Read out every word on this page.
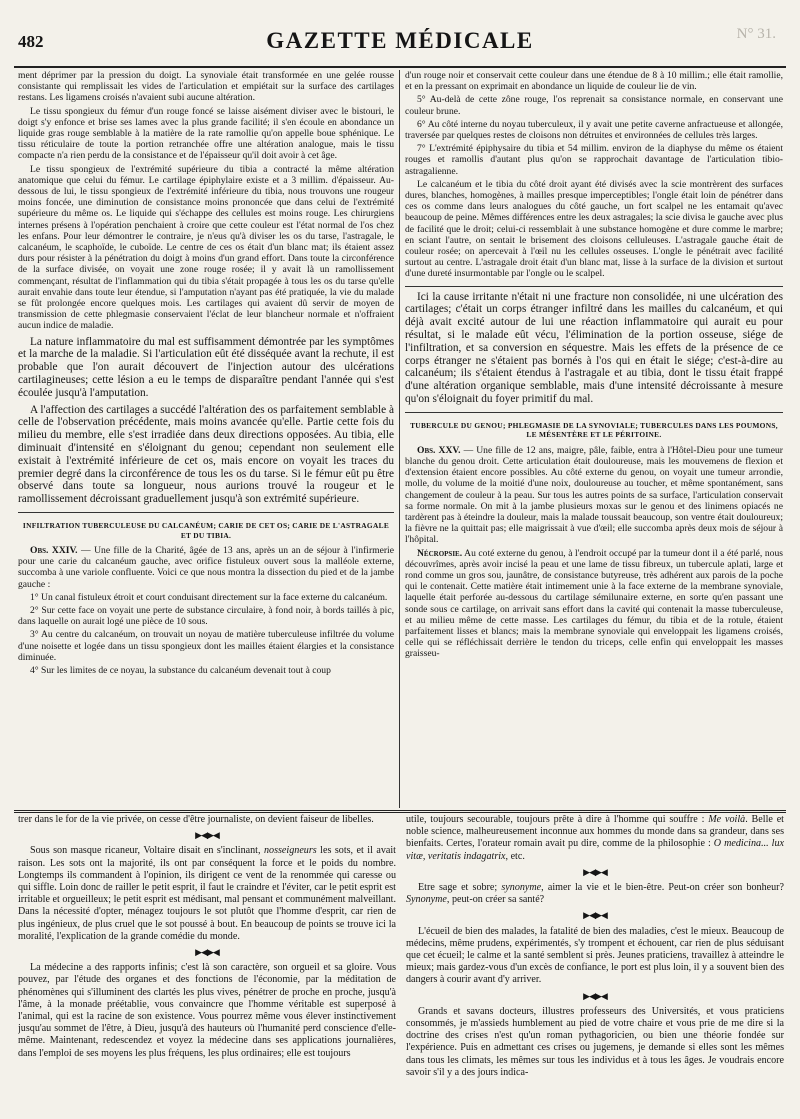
482	GAZETTE MÉDICALE	N° 31.

ment déprimer par la pression du doigt. La synoviale était transformée en une gelée rousse consistante qui remplissait les vides de l'articulation et empiétait sur la surface des cartilages restans. Les ligamens croisés n'avaient subi aucune altération.

Le tissu spongieux du fémur d'un rouge foncé se laisse aisément diviser avec le bistouri, le doigt s'y enfonce et brise ses lames avec la plus grande facilité; il s'en écoule en abondance un liquide gras rouge semblable à la matière de la rate ramollie qu'on appelle boue sphénique. Le tissu réticulaire de toute la portion retranchée offre une altération analogue, mais le tissu compacte n'a rien perdu de la consistance et de l'épaisseur qu'il doit avoir à cet âge.

Le tissu spongieux de l'extrémité supérieure du tibia a contracté la même altération anatomique que celui du fémur. Le cartilage épiphylaire existe et a 3 millim. d'épaisseur. Au-dessous de lui, le tissu spongieux de l'extrémité inférieure du tibia, nous trouvons une rougeur moins foncée, une diminution de consistance moins prononcée que dans celui de l'extrémité supérieure du même os. Le liquide qui s'échappe des cellules est moins rouge. Les chirurgiens internes présens à l'opération penchaient à croire que cette couleur est l'état normal de l'os chez les enfans. Pour leur démontrer le contraire, je n'eus qu'à diviser les os du tarse, l'astragale, le calcanéum, le scaphoïde, le cuboïde. Le centre de ces os était d'un blanc mat; ils étaient assez durs pour résister à la pénétration du doigt à moins d'un grand effort. Dans toute la circonférence de la surface divisée, on voyait une zone rouge rosée; il y avait là un ramollissement commençant, résultat de l'inflammation qui du tibia s'était propagée à tous les os du tarse qu'elle aurait envahie dans toute leur étendue, si l'amputation n'ayant pas été pratiquée, la vie du malade se fût prolongée encore quelques mois. Les cartilages qui avaient dû servir de moyen de transmission de cette phlegmasie conservaient l'éclat de leur blancheur normale et n'offraient aucun indice de maladie.

La nature inflammatoire du mal est suffisamment démontrée par les symptômes et la marche de la maladie. Si l'articulation eût été disséquée avant la rechute, il est probable que l'on aurait découvert de l'injection autour des ulcérations cartilagineuses; cette lésion a eu le temps de disparaître pendant l'année qui s'est écoulée jusqu'à l'amputation.

A l'affection des cartilages a succédé l'altération des os parfaitement semblable à celle de l'observation précédente, mais moins avancée qu'elle. Partie cette fois du milieu du membre, elle s'est irradiée dans deux directions opposées. Au tibia, elle diminuait d'intensité en s'éloignant du genou; cependant non seulement elle existait à l'extrémité inférieure de cet os, mais encore on voyait les traces du premier degré dans la circonférence de tous les os du tarse. Si le fémur eût pu être observé dans toute sa longueur, nous aurions trouvé la rougeur et le ramollissement décroissant graduellement jusqu'à son extrémité supérieure.

INFILTRATION TUBERCULEUSE DU CALCANÉUM; CARIE DE CET OS; CARIE DE L'ASTRAGALE ET DU TIBIA.

Obs. XXIV. — Une fille de la Charité, âgée de 13 ans, après un an de séjour à l'infirmerie pour une carie du calcanéum gauche, avec orifice fistuleux ouvert sous la malléole externe, succomba à une variole confluente. Voici ce que nous montra la dissection du pied et de la jambe gauche :

1° Un canal fistuleux étroit et court conduisant directement sur la face externe du calcanéum.

2° Sur cette face on voyait une perte de substance circulaire, à fond noir, à bords taillés à pic, dans laquelle on aurait logé une pièce de 10 sous.

3° Au centre du calcanéum, on trouvait un noyau de matière tuberculeuse infiltrée du volume d'une noisette et logée dans un tissu spongieux dont les mailles étaient élargies et la consistance diminuée.

4° Sur les limites de ce noyau, la substance du calcanéum devenait tout à coup

d'un rouge noir et conservait cette couleur dans une étendue de 8 à 10 millim.; elle était ramollie, et en la pressant on exprimait en abondance un liquide de couleur lie de vin.

5° Au-delà de cette zône rouge, l'os reprenait sa consistance normale, en conservant une couleur brune.

6° Au côté interne du noyau tuberculeux, il y avait une petite caverne anfractueuse et allongée, traversée par quelques restes de cloisons non détruites et environnées de cellules très larges.

7° L'extrémité épiphysaire du tibia et 54 millim. environ de la diaphyse du même os étaient rouges et ramollis d'autant plus qu'on se rapprochait davantage de l'articulation tibio-astragalienne.

Le calcanéum et le tibia du côté droit ayant été divisés avec la scie montrèrent des surfaces dures, blanches, homogènes, à mailles presque imperceptibles; l'ongle était loin de pénétrer dans ces os comme dans leurs analogues du côté gauche, un fort scalpel ne les entamait qu'avec beaucoup de peine. Mêmes différences entre les deux astragales; la scie divisa le gauche avec plus de facilité que le droit; celui-ci ressemblait à une substance homogène et dure comme le marbre; en sciant l'autre, on sentait le brisement des cloisons celluleuses. L'astragale gauche était de couleur rosée; on apercevait à l'œil nu les cellules osseuses. L'ongle le pénétrait avec facilité surtout au centre. L'astragale droit était d'un blanc mat, lisse à la surface de la division et surtout d'une dureté insurmontable par l'ongle ou le scalpel.

Ici la cause irritante n'était ni une fracture non consolidée, ni une ulcération des cartilages; c'était un corps étranger infiltré dans les mailles du calcanéum, et qui déjà avait excité autour de lui une réaction inflammatoire qui aurait eu pour résultat, si le malade eût vécu, l'élimination de la portion osseuse, siége de l'infiltration, et sa conversion en séquestre. Mais les effets de la présence de ce corps étranger ne s'étaient pas bornés à l'os qui en était le siége; c'est-à-dire au calcanéum; ils s'étaient étendus à l'astragale et au tibia, dont le tissu était frappé d'une altération organique semblable, mais d'une intensité décroissante à mesure qu'on s'éloignait du foyer primitif du mal.

TUBERCULE DU GENOU; PHLEGMASIE DE LA SYNOVIALE; TUBERCULES DANS LES POUMONS, LE MÉSENTÈRE ET LE PÉRITOINE.

Obs. XXV. — Une fille de 12 ans, maigre, pâle, faible, entra à l'Hôtel-Dieu pour une tumeur blanche du genou droit. Cette articulation était douloureuse, mais les mouvemens de flexion et d'extension étaient encore possibles. Au côté externe du genou, on voyait une tumeur arrondie, molle, du volume de la moitié d'une noix, douloureuse au toucher, et même spontanément, sans changement de couleur à la peau. Sur tous les autres points de sa surface, l'articulation conservait sa forme normale. On mit à la jambe plusieurs moxas sur le genou et des linimens opiacés ne tardèrent pas à éteindre la douleur, mais la malade toussait beaucoup, son ventre était douloureux; la fièvre ne la quittait pas; elle maigrissait à vue d'œil; elle succomba après deux mois de séjour à l'hôpital.

Nécropsie. Au coté externe du genou, à l'endroit occupé par la tumeur dont il a été parlé, nous découvrîmes, après avoir incisé la peau et une lame de tissu fibreux, un tubercule aplati, large et rond comme un gros sou, jaunâtre, de consistance butyreuse, très adhérent aux parois de la poche qui le contenait. Cette matière était intimement unie à la face externe de la membrane synoviale, laquelle était perforée au-dessous du cartilage sémilunaire externe, en sorte qu'en passant une sonde sous ce cartilage, on arrivait sans effort dans la cavité qui contenait la masse tuberculeuse, et au milieu même de cette masse. Les cartilages du fémur, du tibia et de la rotule, étaient parfaitement lisses et blancs; mais la membrane synoviale qui enveloppait les ligamens croisés, celle qui se réfléchissait derrière le tendon du triceps, celle enfin qui enveloppait les masses graisseu-

trer dans le for de la vie privée, on cesse d'être journaliste, on devient faiseur de libelles.

▶◀▶◀

Sous son masque ricaneur, Voltaire disait en s'inclinant, nosseigneurs les sots, et il avait raison. Les sots ont la majorité, ils ont par conséquent la force et le poids du nombre. Longtemps ils commandent à l'opinion, ils dirigent ce vent de la renommée qui caresse ou qui siffle. Loin donc de railler le petit esprit, il faut le craindre et l'éviter, car le petit esprit est irritable et orgueilleux; le petit esprit est médisant, mal pensant et communément malveillant. Dans la nécessité d'opter, ménagez toujours le sot plutôt que l'homme d'esprit, car rien de plus ingénieux, de plus cruel que le sot poussé à bout. En beaucoup de points se trouve ici la moralité, l'explication de la grande comédie du monde.

▶◀▶◀

La médecine a des rapports infinis; c'est là son caractère, son orgueil et sa gloire. Vous pouvez, par l'étude des organes et des fonctions de l'économie, par la méditation de phénomènes qui s'illuminent des clartés les plus vives, pénétrer de proche en proche, jusqu'à l'âme, à la monade préétablie, vous convaincre que l'homme véritable est superposé à l'animal, qui est la racine de son existence. Vous pourrez même vous élever instinctivement jusqu'au sommet de l'être, à Dieu, jusqu'à des hauteurs où l'humanité perd conscience d'elle-même. Maintenant, redescendez et voyez la médecine dans ses applications journalières, dans l'emploi de ses moyens les plus fréquens, les plus ordinaires; elle est toujours

utile, toujours secourable, toujours prête à dire à l'homme qui souffre : Me voilà. Belle et noble science, malheureusement inconnue aux hommes du monde dans sa grandeur, dans ses bienfaits. Certes, l'orateur romain avait pu dire, comme de la philosophie : O medicina... lux vitæ, veritatis indagatrix, etc.

▶◀▶◀

Etre sage et sobre; synonyme, aimer la vie et le bien-être. Peut-on créer son bonheur? Synonyme, peut-on créer sa santé?

▶◀▶◀

L'écueil de bien des malades, la fatalité de bien des maladies, c'est le mieux. Beaucoup de médecins, même prudens, expérimentés, s'y trompent et échouent, car rien de plus séduisant que cet écueil; le calme et la santé semblent si près. Jeunes praticiens, travaillez à atteindre le mieux; mais gardez-vous d'un excès de confiance, le port est plus loin, il y a souvent bien des dangers à courir avant d'y arriver.

▶◀▶◀

Grands et savans docteurs, illustres professeurs des Universités, et vous praticiens consommés, je m'assieds humblement au pied de votre chaire et vous prie de me dire si la doctrine des crises n'est qu'un roman pythagoricien, ou bien une théorie fondée sur l'expérience. Puis en admettant ces crises ou jugemens, je demande si elles sont les mêmes dans tous les climats, les mêmes sur tous les individus et à tous les âges. Je voudrais encore savoir s'il y a des jours indica-
